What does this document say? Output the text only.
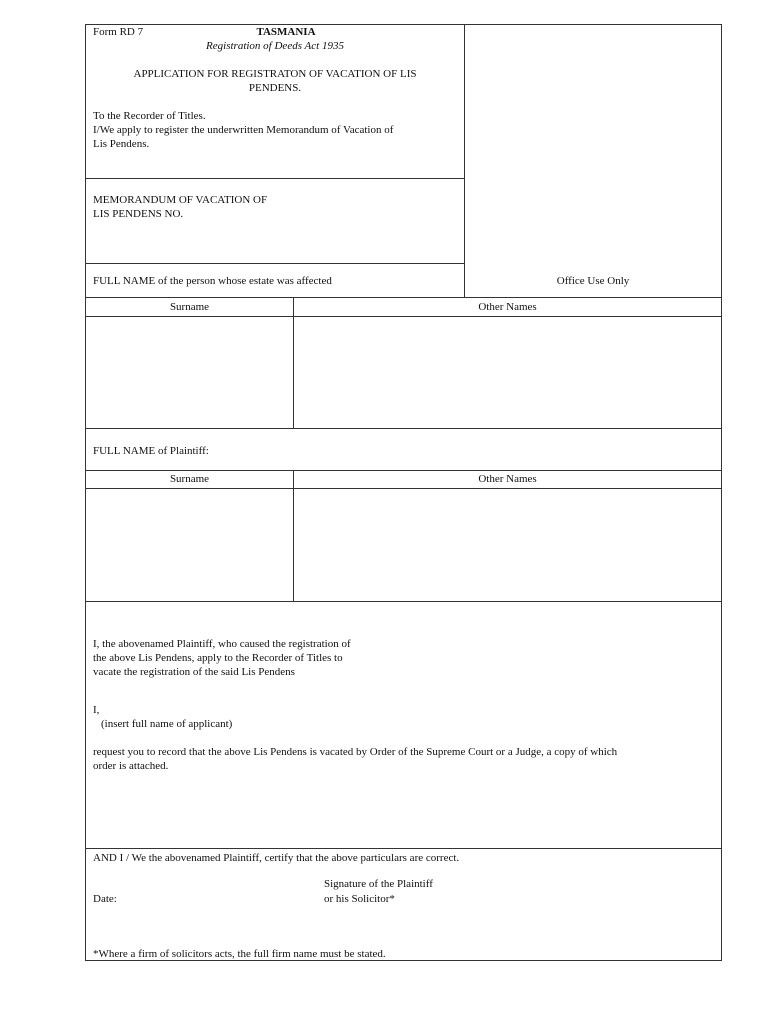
Form RD 7	TASMANIA
Registration of Deeds Act 1935
APPLICATION FOR REGISTRATON OF VACATION OF LIS
PENDENS.
To the Recorder of Titles.
I/We apply to register the underwritten Memorandum of Vacation of
Lis Pendens.
MEMORANDUM OF VACATION OF
LIS PENDENS NO.
FULL NAME of the person whose estate was affected	Office Use Only
Surname	Other Names
FULL NAME of Plaintiff:
Surname	Other Names
I, the abovenamed Plaintiff, who caused the registration of
the above Lis Pendens, apply to the Recorder of Titles to
vacate the registration of the said Lis Pendens
I,
(insert full name of applicant)
request you to record that the above Lis Pendens is vacated by Order of the Supreme Court or a Judge, a copy of which
order is attached.
AND I / We the abovenamed Plaintiff, certify that the above particulars are correct.
Date:
Signature of the Plaintiff
or his Solicitor*
*Where a firm of solicitors acts, the full firm name must be stated.
